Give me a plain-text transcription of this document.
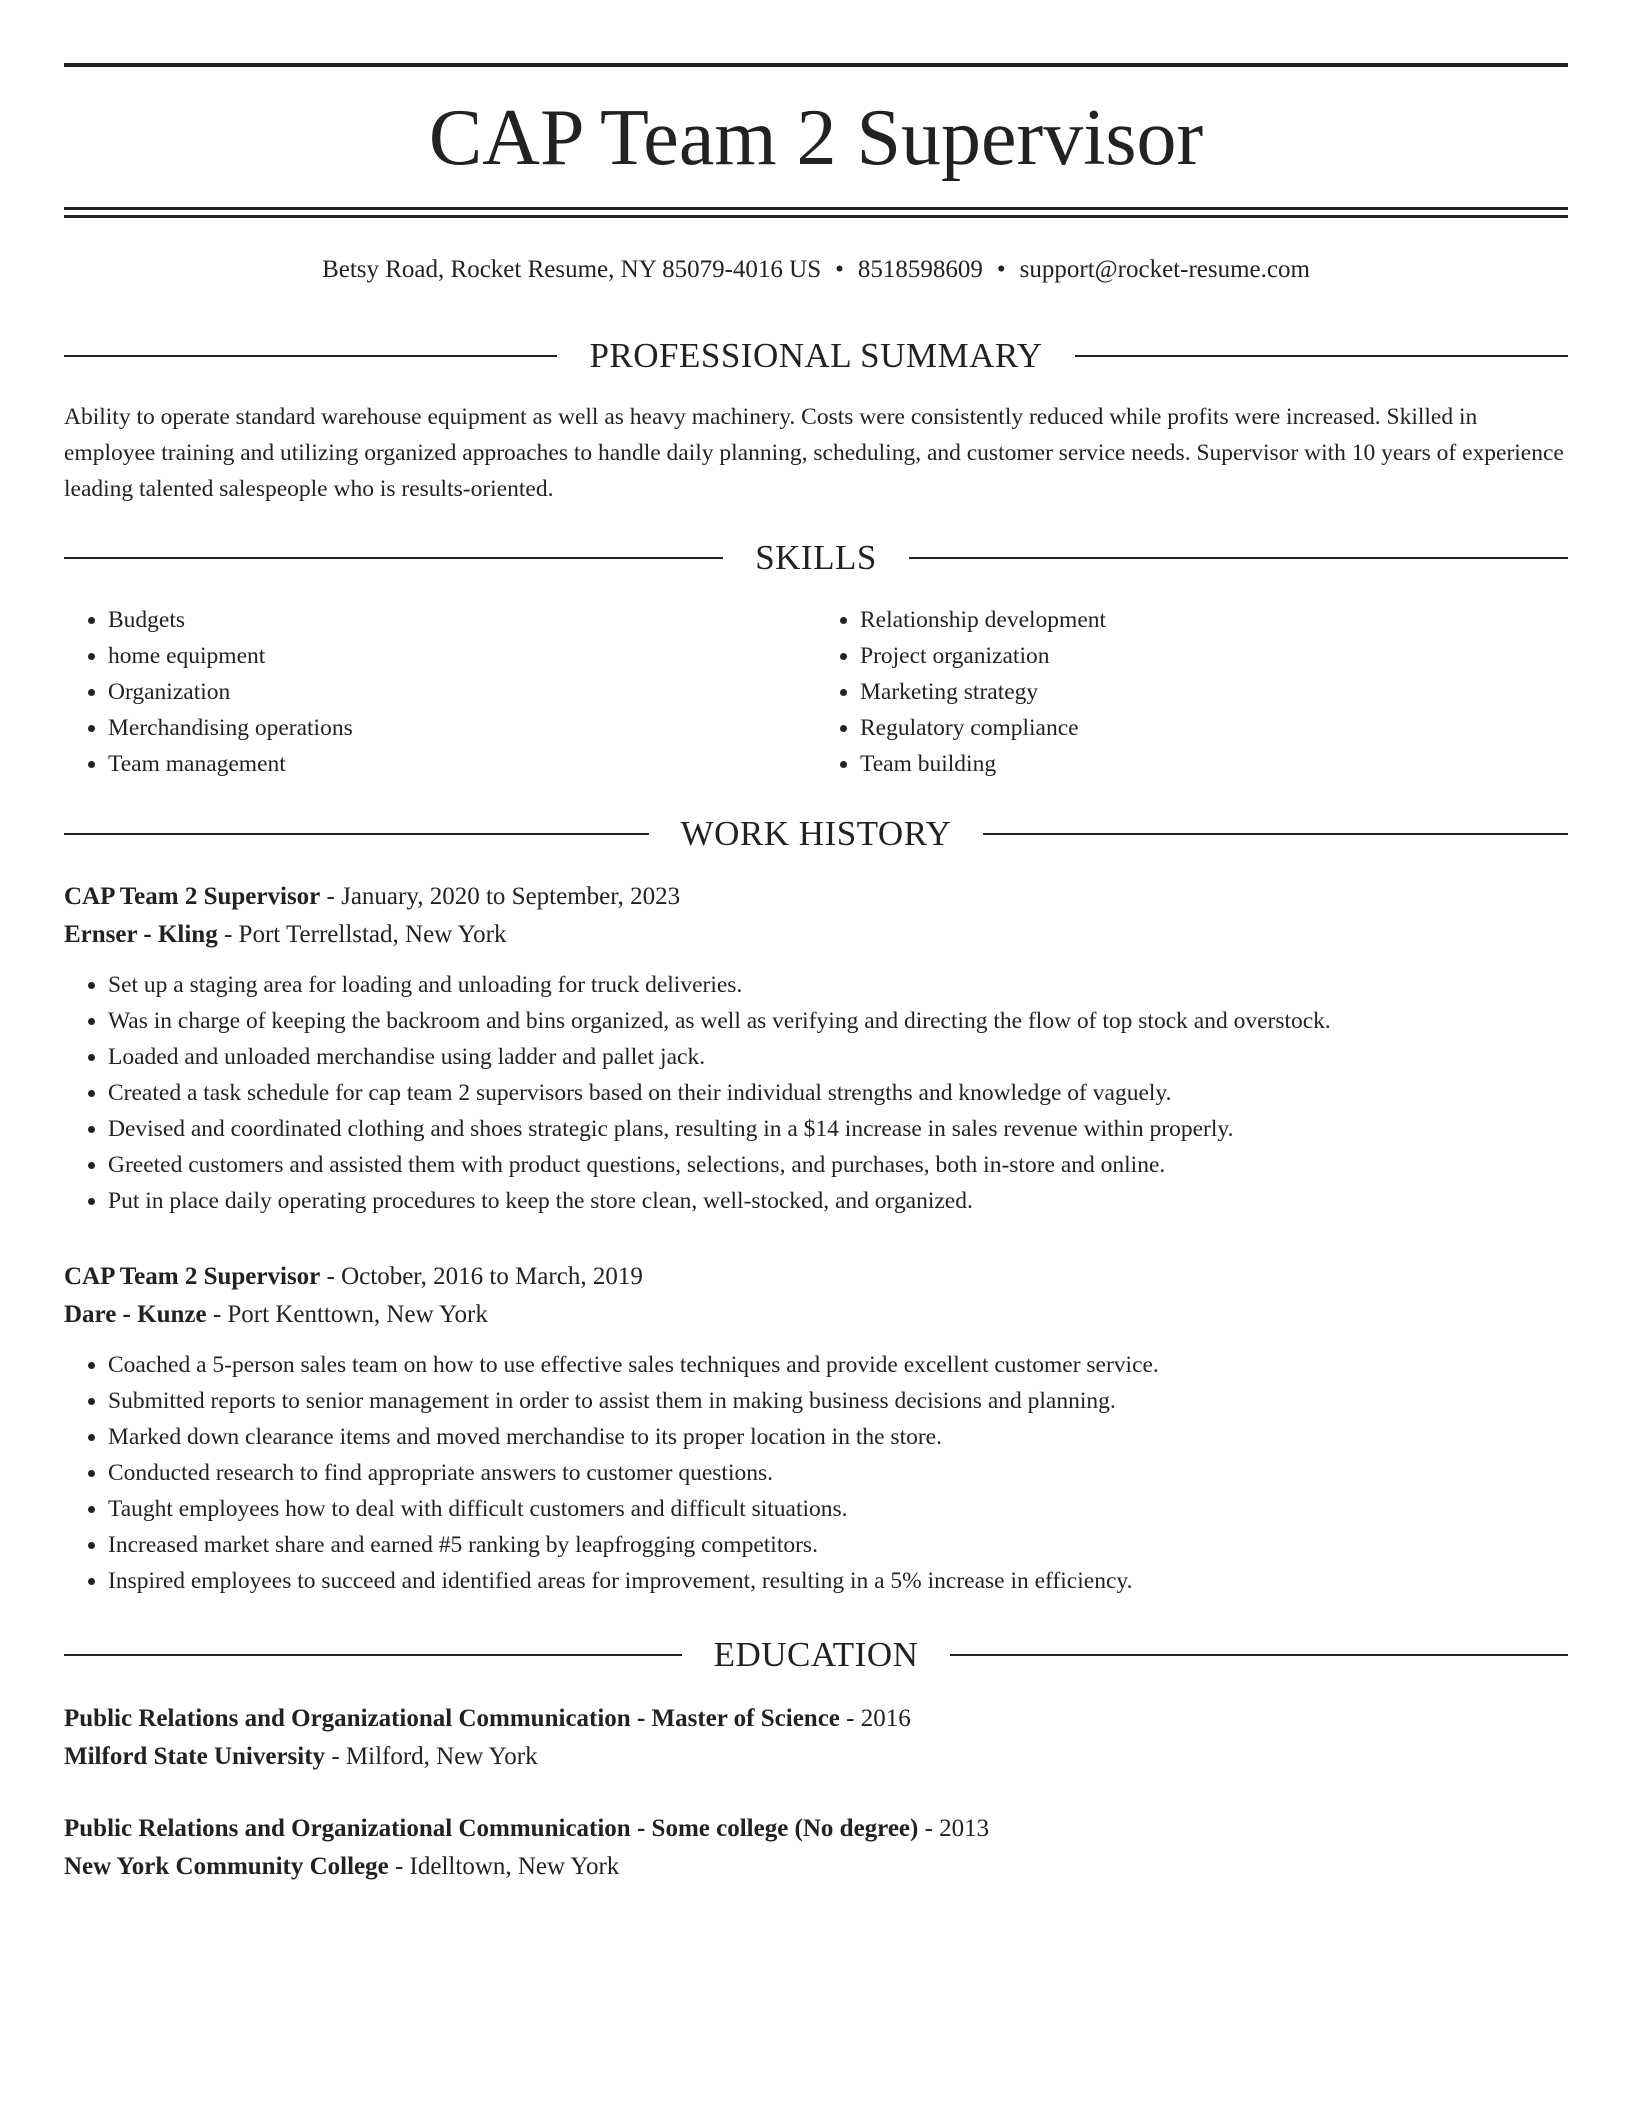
CAP Team 2 Supervisor
Betsy Road, Rocket Resume, NY 85079-4016 US • 8518598609 • support@rocket-resume.com
PROFESSIONAL SUMMARY

Ability to operate standard warehouse equipment as well as heavy machinery. Costs were consistently reduced while profits were increased. Skilled in employee training and utilizing organized approaches to handle daily planning, scheduling, and customer service needs. Supervisor with 10 years of experience leading talented salespeople who is results-oriented.

SKILLS
• Budgets
• home equipment
• Organization
• Merchandising operations
• Team management
• Relationship development
• Project organization
• Marketing strategy
• Regulatory compliance
• Team building
WORK HISTORY
CAP Team 2 Supervisor - January, 2020 to September, 2023
Ernser - Kling - Port Terrellstad, New York
• Set up a staging area for loading and unloading for truck deliveries.
• Was in charge of keeping the backroom and bins organized, as well as verifying and directing the flow of top stock and overstock.
• Loaded and unloaded merchandise using ladder and pallet jack.
• Created a task schedule for cap team 2 supervisors based on their individual strengths and knowledge of vaguely.
• Devised and coordinated clothing and shoes strategic plans, resulting in a $14 increase in sales revenue within properly.
• Greeted customers and assisted them with product questions, selections, and purchases, both in-store and online.
• Put in place daily operating procedures to keep the store clean, well-stocked, and organized.
CAP Team 2 Supervisor - October, 2016 to March, 2019
Dare - Kunze - Port Kenttown, New York
• Coached a 5-person sales team on how to use effective sales techniques and provide excellent customer service.
• Submitted reports to senior management in order to assist them in making business decisions and planning.
• Marked down clearance items and moved merchandise to its proper location in the store.
• Conducted research to find appropriate answers to customer questions.
• Taught employees how to deal with difficult customers and difficult situations.
• Increased market share and earned #5 ranking by leapfrogging competitors.
• Inspired employees to succeed and identified areas for improvement, resulting in a 5% increase in efficiency.
EDUCATION
Public Relations and Organizational Communication - Master of Science - 2016
Milford State University - Milford, New York
Public Relations and Organizational Communication - Some college (No degree) - 2013
New York Community College - Idelltown, New York
